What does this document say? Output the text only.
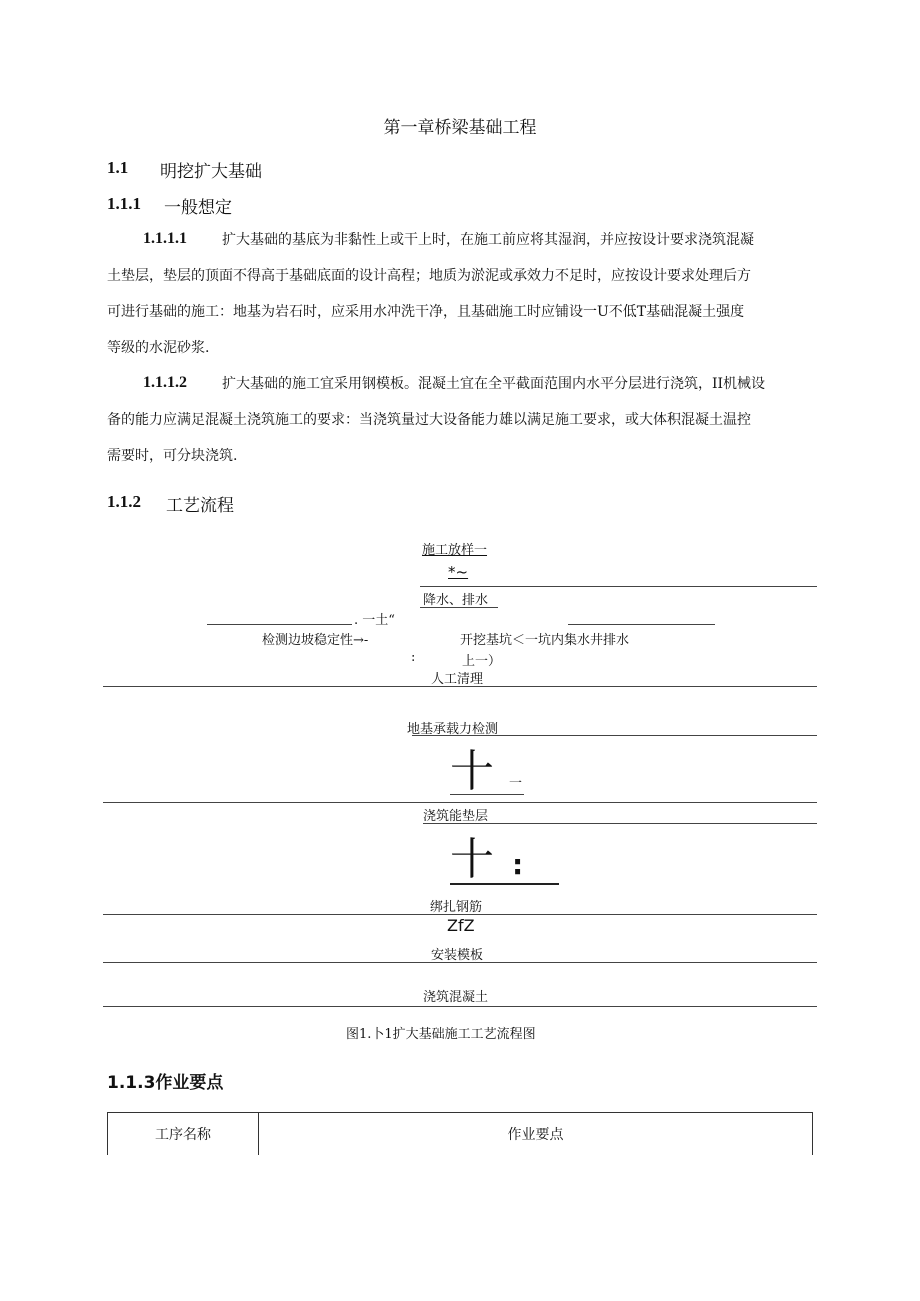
第一章桥梁基础工程
1.1 明挖扩大基础
1.1.1 一般想定
1.1.1.1	扩大基础的基底为非黏性上或干上时，在施工前应将其湿润，并应按设计要求浇筑混凝
土垫层，垫层的顶面不得高于基础底面的设计高程；地质为淤泥或承效力不足时，应按设计要求处理后方
可进行基础的施工：地基为岩石时，应采用水冲洗干净，且基础施工时应铺设一U不低T基础混凝土强度
等级的水泥砂浆.
1.1.1.2	扩大基础的施工宜采用钢模板。混凝土宜在全平截面范围内水平分层进行浇筑，II机械设
备的能力应满足混凝土浇筑施工的要求：当浇筑量过大设备能力雄以满足施工要求，或大体积混凝土温控
需要时，可分块浇筑.
1.1.2 工艺流程
施工放样一
*~
降水、排水
. 一土“
检测边坡稳定性→-	开挖基坑＜一坑内集水井排水
:	上一）
人工清理
地基承载力检测
十 一
浇筑能垫层
十 :
绑扎钢筋
ZfZ
安装模板
浇筑混凝土
图1.卜1扩大基础施工工艺流程图
1.1.3作业要点
工序名称	作业要点
